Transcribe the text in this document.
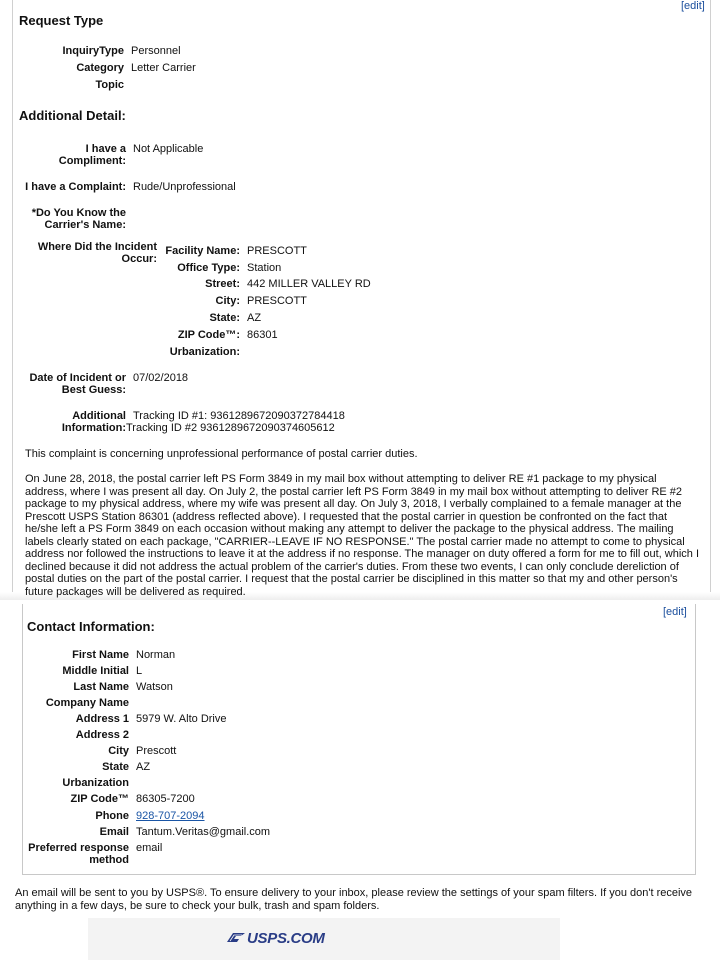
[edit]
Request Type
InquiryType Personnel
Category Letter Carrier
Topic
Additional Detail:
I have a Compliment:
Not Applicable
I have a Complaint: Rude/Unprofessional
*Do You Know the Carrier's Name:
Where Did the Incident Occur:
Facility Name: PRESCOTT
Office Type: Station
Street: 442 MILLER VALLEY RD
City: PRESCOTT
State: AZ
ZIP Code™: 86301
Urbanization:
Date of Incident or Best Guess:
07/02/2018
Additional Information:
Tracking ID #1: 9361289672090372784418
Tracking ID #2 9361289672090374605612
This complaint is concerning unprofessional performance of postal carrier duties.
On June 28, 2018, the postal carrier left PS Form 3849 in my mail box without attempting to deliver RE #1 package to my physical
address, where I was present all day. On July 2, the postal carrier left PS Form 3849 in my mail box without attempting to deliver RE #2
package to my physical address, where my wife was present all day. On July 3, 2018, I verbally complained to a female manager at the
Prescott USPS Station 86301 (address reflected above). I requested that the postal carrier in question be confronted on the fact that
he/she left a PS Form 3849 on each occasion without making any attempt to deliver the package to the physical address. The mailing
labels clearly stated on each package, "CARRIER--LEAVE IF NO RESPONSE." The postal carrier made no attempt to come to physical
address nor followed the instructions to leave it at the address if no response. The manager on duty offered a form for me to fill out, which I
declined because it did not address the actual problem of the carrier's duties. From these two events, I can only conclude dereliction of
postal duties on the part of the postal carrier. I request that the postal carrier be disciplined in this matter so that my and other person's
future packages will be delivered as required.
[edit]
Contact Information:
First Name Norman
Middle Initial L
Last Name Watson
Company Name
Address 1 5979 W. Alto Drive
Address 2
City Prescott
State AZ
Urbanization
ZIP Code™ 86305-7200
Phone 928-707-2094
Email Tantum.Veritas@gmail.com
Preferred response
method
email
An email will be sent to you by USPS®. To ensure delivery to your inbox, please review the settings of your spam filters. If you don't receive
anything in a few days, be sure to check your bulk, trash and spam folders.
USPS.COM
